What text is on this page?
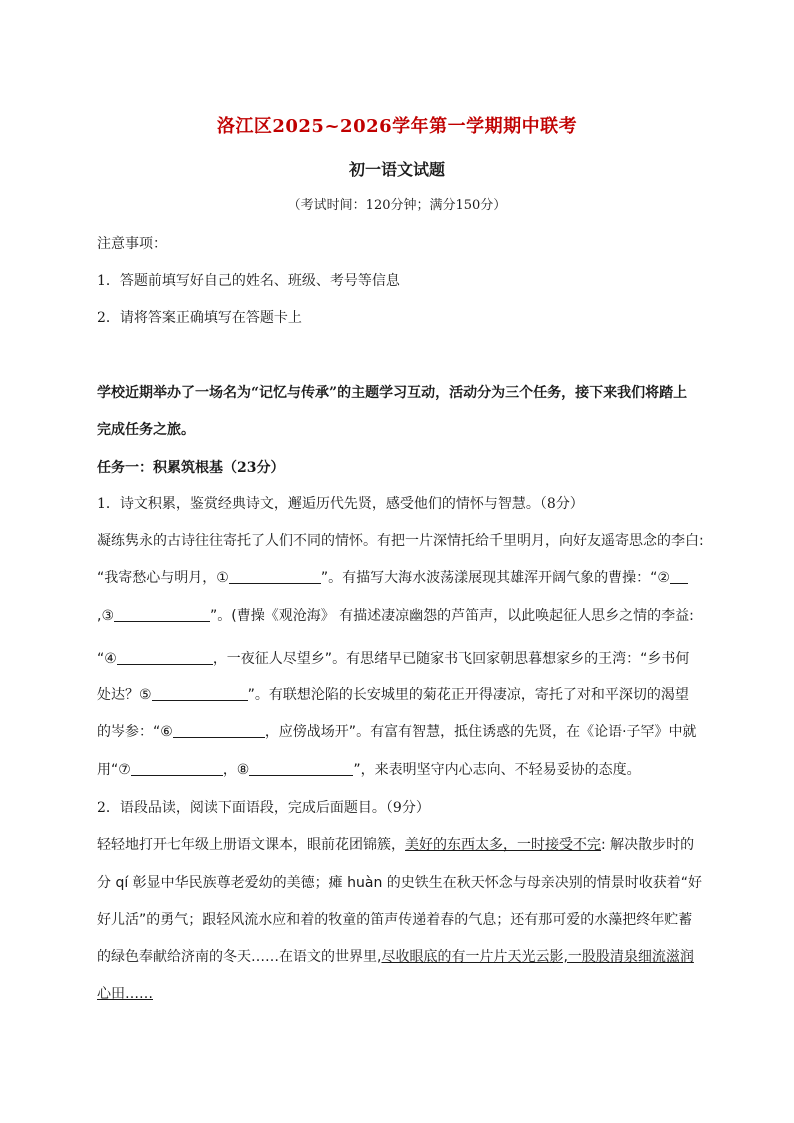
洛江区2025~2026学年第一学期期中联考
初一语文试题
（考试时间：120分钟；满分150分）
注意事项：
1．答题前填写好自己的姓名、班级、考号等信息
2．请将答案正确填写在答题卡上
学校近期举办了一场名为“记忆与传承”的主题学习互动，活动分为三个任务，接下来我们将踏上
完成任务之旅。
任务一：积累筑根基（23分）
1．诗文积累，鉴赏经典诗文，邂逅历代先贤，感受他们的情怀与智慧。（8分）
凝练隽永的古诗往往寄托了人们不同的情怀。有把一片深情托给千里明月，向好友遥寄思念的李白:
“我寄愁心与明月，①	”。有描写大海水波荡漾展现其雄浑开阔气象的曹操：“②
,③	”。(曹操《观沧海》 有描述凄凉幽怨的芦笛声，以此唤起征人思乡之情的李益:
“④	，一夜征人尽望乡”。有思绪早已随家书飞回家朝思暮想家乡的王湾：“乡书何
处达？⑤	”。有联想沦陷的长安城里的菊花正开得凄凉，寄托了对和平深切的渴望
的岑参：“⑥	，应傍战场开”。有富有智慧，抵住诱惑的先贤，在《论语·子罕》中就
用“⑦	，⑧	”，来表明坚守内心志向、不轻易妥协的态度。
2．语段品读，阅读下面语段，完成后面题目。（9分）
轻轻地打开七年级上册语文课本，眼前花团锦簇，美好的东西太多，一时接受不完: 解决散步时的
分 qí 彰显中华民族尊老爱幼的美德；瘫 huàn 的史铁生在秋天怀念与母亲决别的情景时收获着“好
好儿活”的勇气；跟轻风流水应和着的牧童的笛声传递着春的气息；还有那可爱的水藻把终年贮蓄
的绿色奉献给济南的冬天……在语文的世界里,尽收眼底的有一片片天光云影,一股股清泉细流滋润
心田……
